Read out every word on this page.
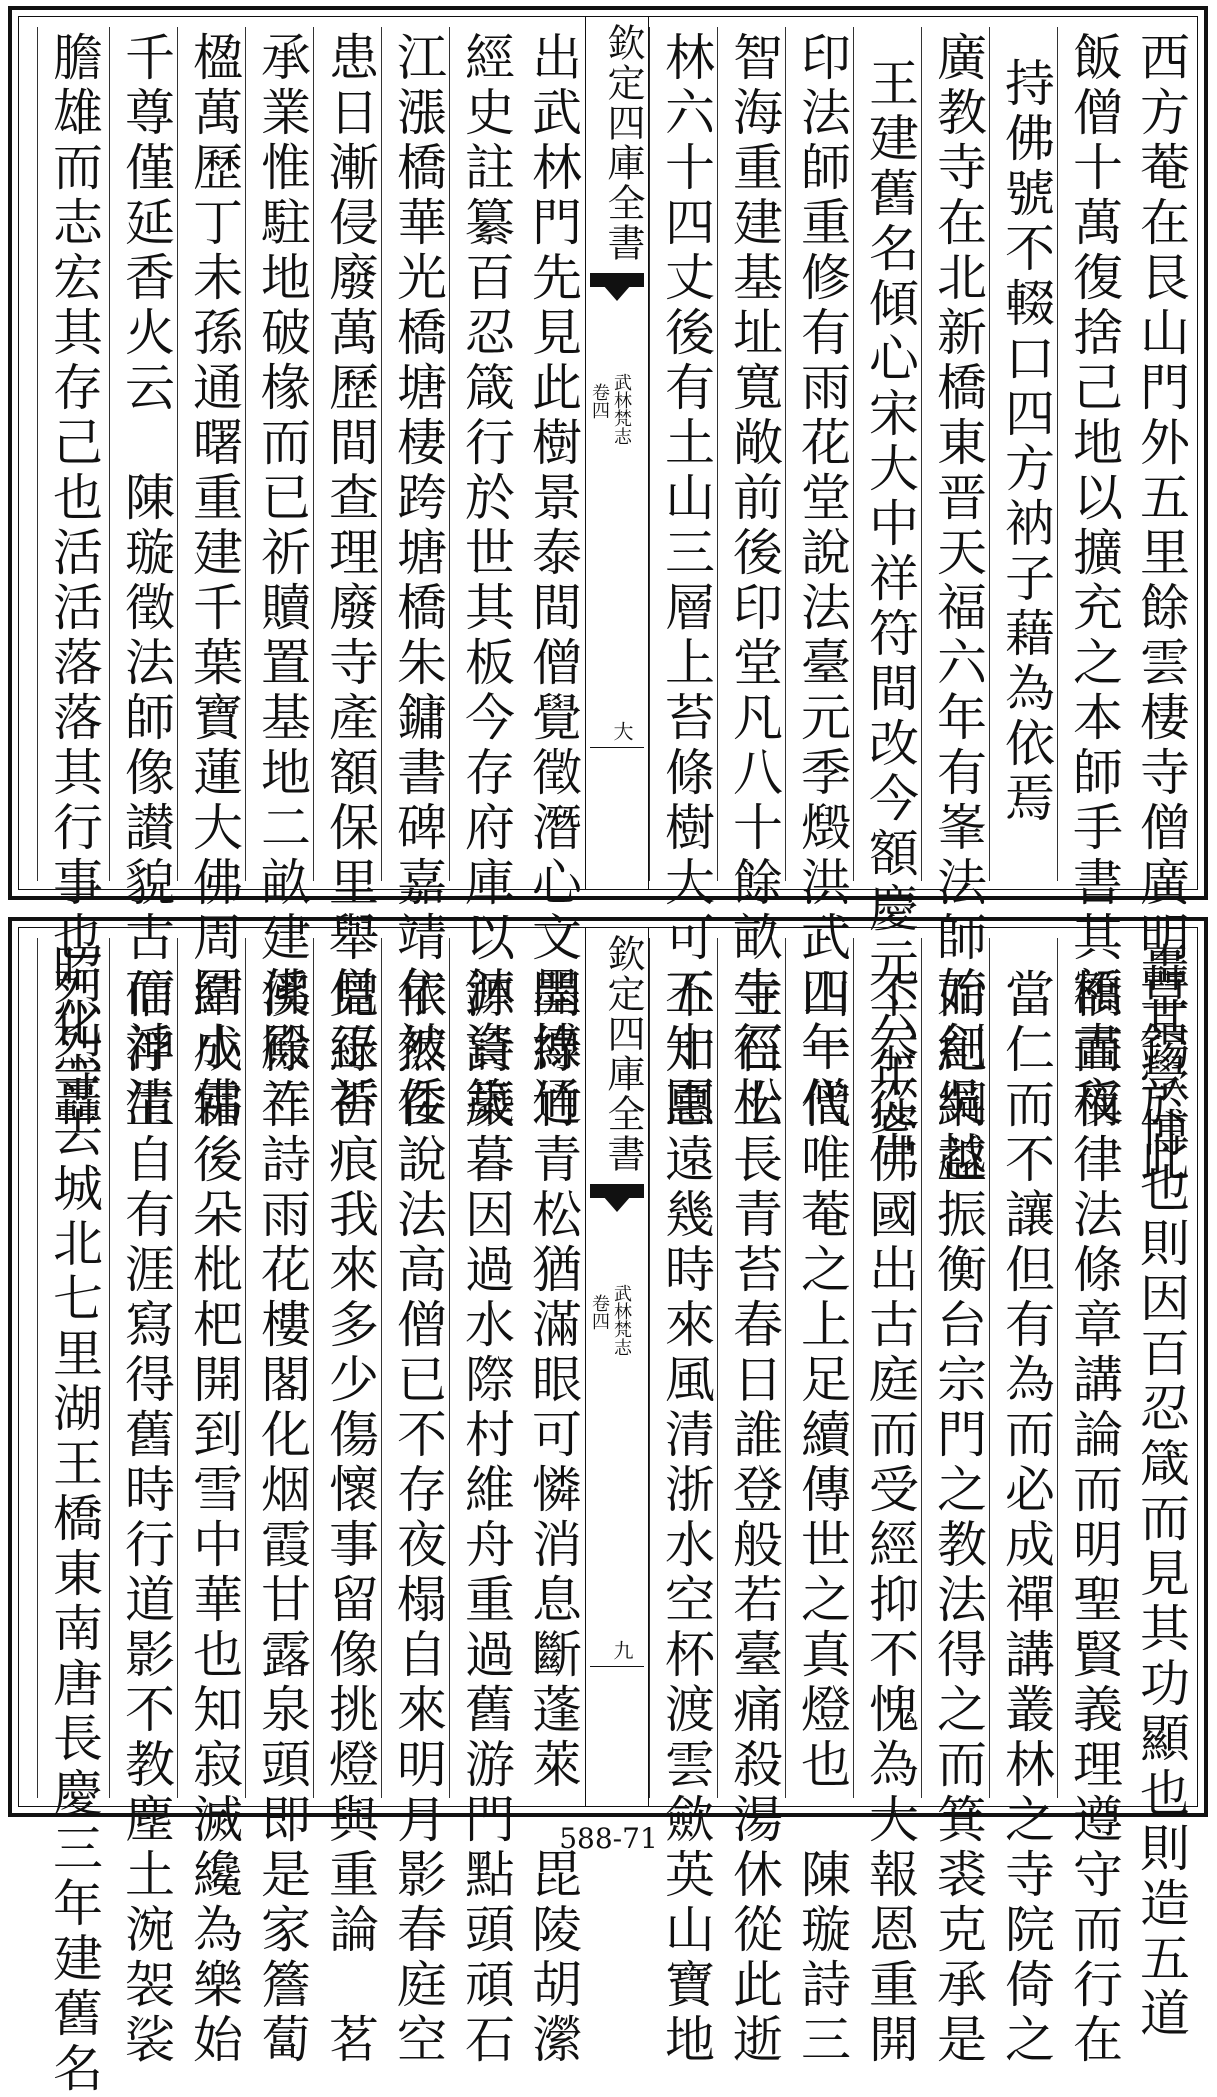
西方菴在艮山門外五里餘雲棲寺僧廣明卓錫於此
飯僧十萬復捨己地以擴充之本師手書其額晝夜
持佛號不輟口四方衲子藉為依焉
廣教寺在北新橋東晋天福六年有峯法師始創吳越
王建舊名傾心宋大中祥符間改今額慶元六年密
印法師重修有雨花堂說法臺元季燬洪武四年僧
智海重建基址寬敞前後印堂凡八十餘畝寺徑松
林六十四丈後有土山三層上苔條樹大可五十圍
欽定四庫全書
武林梵志
卷四
大
出武林門先見此樹景泰間僧覺徵潛心文墨博通
經史註纂百忍箴行於世其板今存府庫以鉢資築
江漲橋華光橋塘棲跨塘橋朱鏞書碑嘉靖年被倭
患日漸侵廢萬歷間查理廢寺產額保里舉僧正祈
承業惟駐地破椽而已祈贖置基地二畝建佛殿三
楹萬歷丁未孫通曙重建千葉寶蓮大佛周圍小佛
千尊僅延香火云　陳璇徵法師像讃貌古而神清
膽雄而志宏其存己也活活落落其行事也烈烈轟
轟其學博也則因百忍箴而見其功顯也則造五道
橋而稱律法條章講論而明聖賢義理遵守而行在
當仁而不讓但有為而必成禪講叢林之寺院倚之
而紀綱益振衡台宗門之教法得之而箕裘克承是
不忝從佛國出古庭而受經抑不愧為大報恩重開
山一代唯菴之上足續傳世之真燈也　陳璇詩三
生石上長青苔春日誰登般若臺痛殺湯休從此逝
不知惠遠幾時來風清浙水空杯渡雲歛英山寶地
欽定四庫全書
武林梵志
卷四
九
開綠竹青松猶滿眼可憐消息斷蓬萊　毘陵胡瀠
源詩歲暮因過水際村維舟重過舊游門點頭頑石
依然在說法高僧已不存夜榻自來明月影春庭空
見綠苔痕我來多少傷懷事留像挑燈與重論　茗
溪徐祚詩雨花樓閣化烟霞甘露泉頭即是家簷蔔
結成霜後朵枇杷開到雪中華也知寂滅纔為樂始
信浮生自有涯寫得舊時行道影不教塵土涴袈裟
昭化寺去城北七里湖王橋東南唐長慶三年建舊名	588-71
